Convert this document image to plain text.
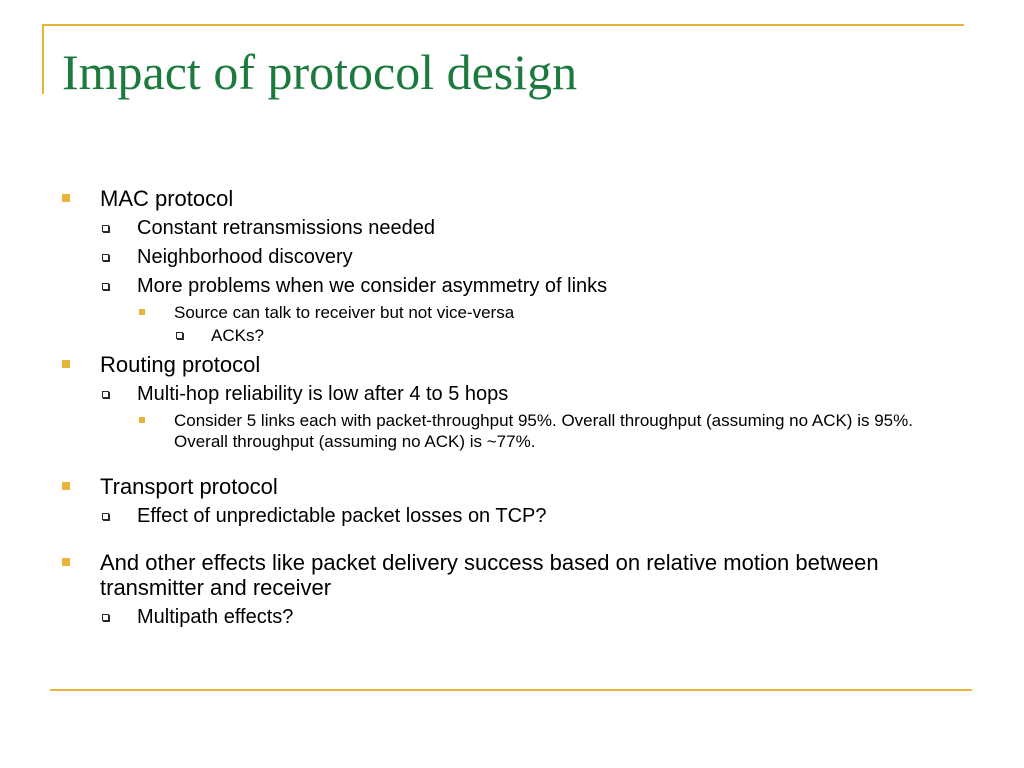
Impact of protocol design
MAC protocol
Constant retransmissions needed
Neighborhood discovery
More problems when we consider asymmetry of links
Source can talk to receiver but not vice-versa
ACKs?
Routing protocol
Multi-hop reliability is low after 4 to 5 hops
Consider 5 links each with packet-throughput 95%. Overall throughput (assuming no ACK) is 95%. Overall throughput (assuming no ACK) is ~77%.
Transport protocol
Effect of unpredictable packet losses on TCP?
And other effects like packet delivery success based on relative motion between transmitter and receiver
Multipath effects?
